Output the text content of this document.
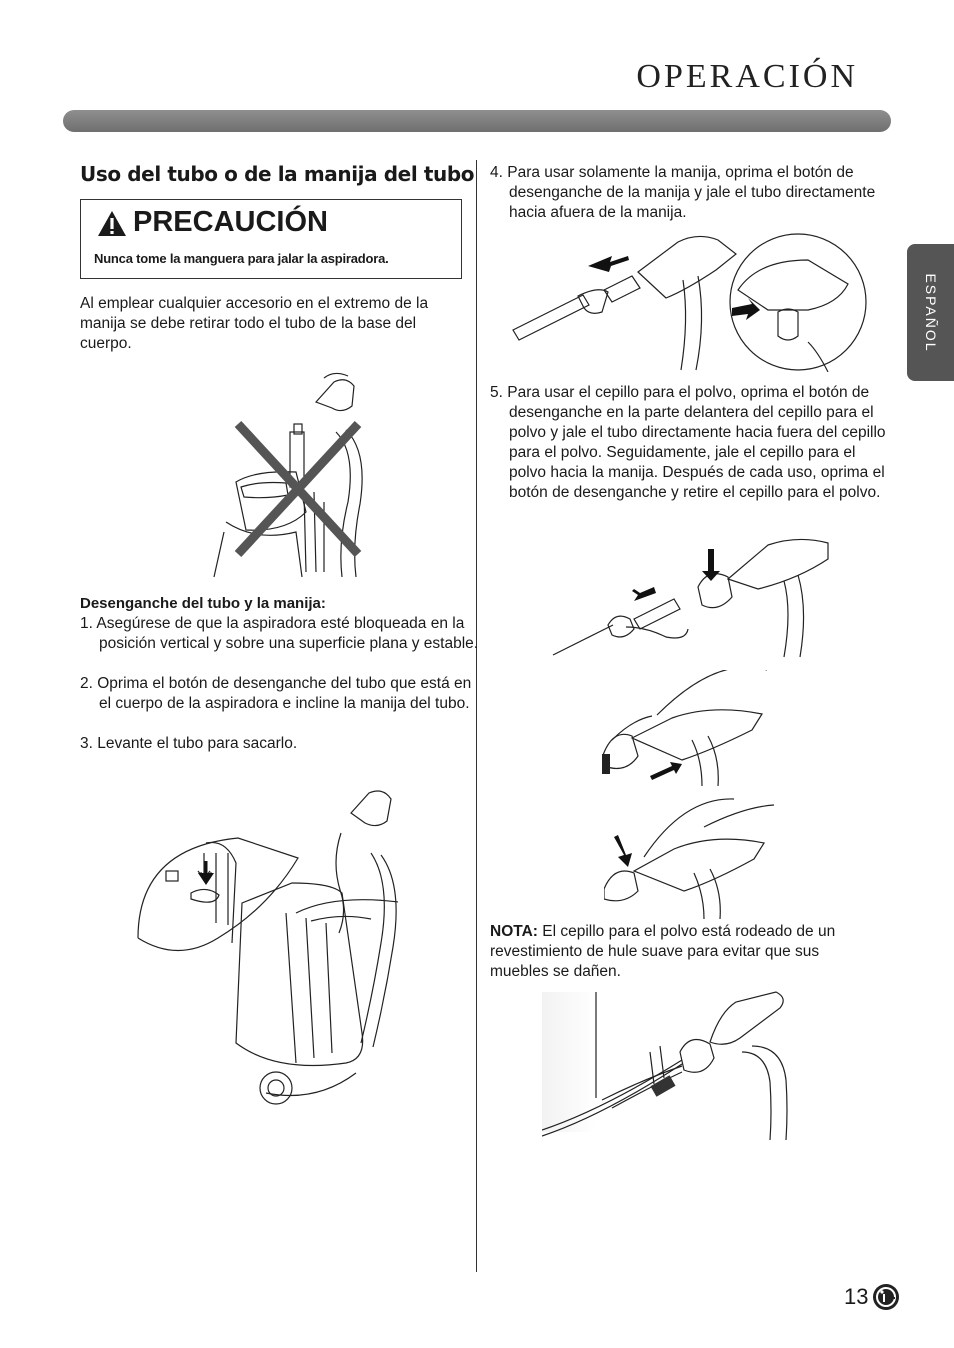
OPERACIÓN
ESPAÑOL
Uso del tubo o de la manija del tubo
PRECAUCIÓN
Nunca tome la manguera para jalar la aspiradora.
Al emplear cualquier accesorio en el extremo de la manija se debe retirar todo el tubo de la base del cuerpo.
Desenganche del tubo y la manija:
1. Asegúrese de que la aspiradora esté bloqueada en la posición vertical y sobre una superficie plana y estable.
2. Oprima el botón de desenganche del tubo que está en el cuerpo de la aspiradora e incline la manija del tubo.
3. Levante el tubo para sacarlo.
4. Para usar solamente la manija, oprima el botón de desenganche de la manija y jale el tubo directamente hacia afuera de la manija.
5. Para usar el cepillo para el polvo, oprima el botón de desenganche en la parte delantera del cepillo para el polvo y jale el tubo directamente hacia fuera del cepillo para el polvo. Seguidamente, jale el cepillo para el polvo hacia la manija. Después de cada uso, oprima el botón de desenganche y retire el cepillo para el polvo.
NOTA: El cepillo para el polvo está rodeado de un revestimiento de hule suave para evitar que sus muebles se dañen.
13
